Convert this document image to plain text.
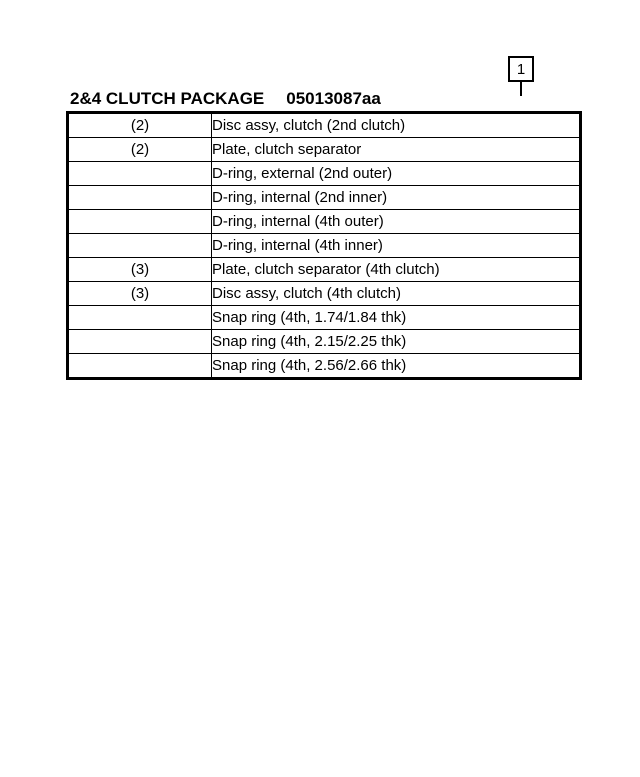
1
2&4 CLUTCH PACKAGE 05013087aa
(2)	Disc assy, clutch (2nd clutch)
(2)	Plate, clutch separator
	D-ring, external (2nd outer)
	D-ring, internal (2nd inner)
	D-ring, internal (4th outer)
	D-ring, internal (4th inner)
(3)	Plate, clutch separator (4th clutch)
(3)	Disc assy, clutch (4th clutch)
	Snap ring (4th, 1.74/1.84 thk)
	Snap ring (4th, 2.15/2.25 thk)
	Snap ring (4th, 2.56/2.66 thk)
